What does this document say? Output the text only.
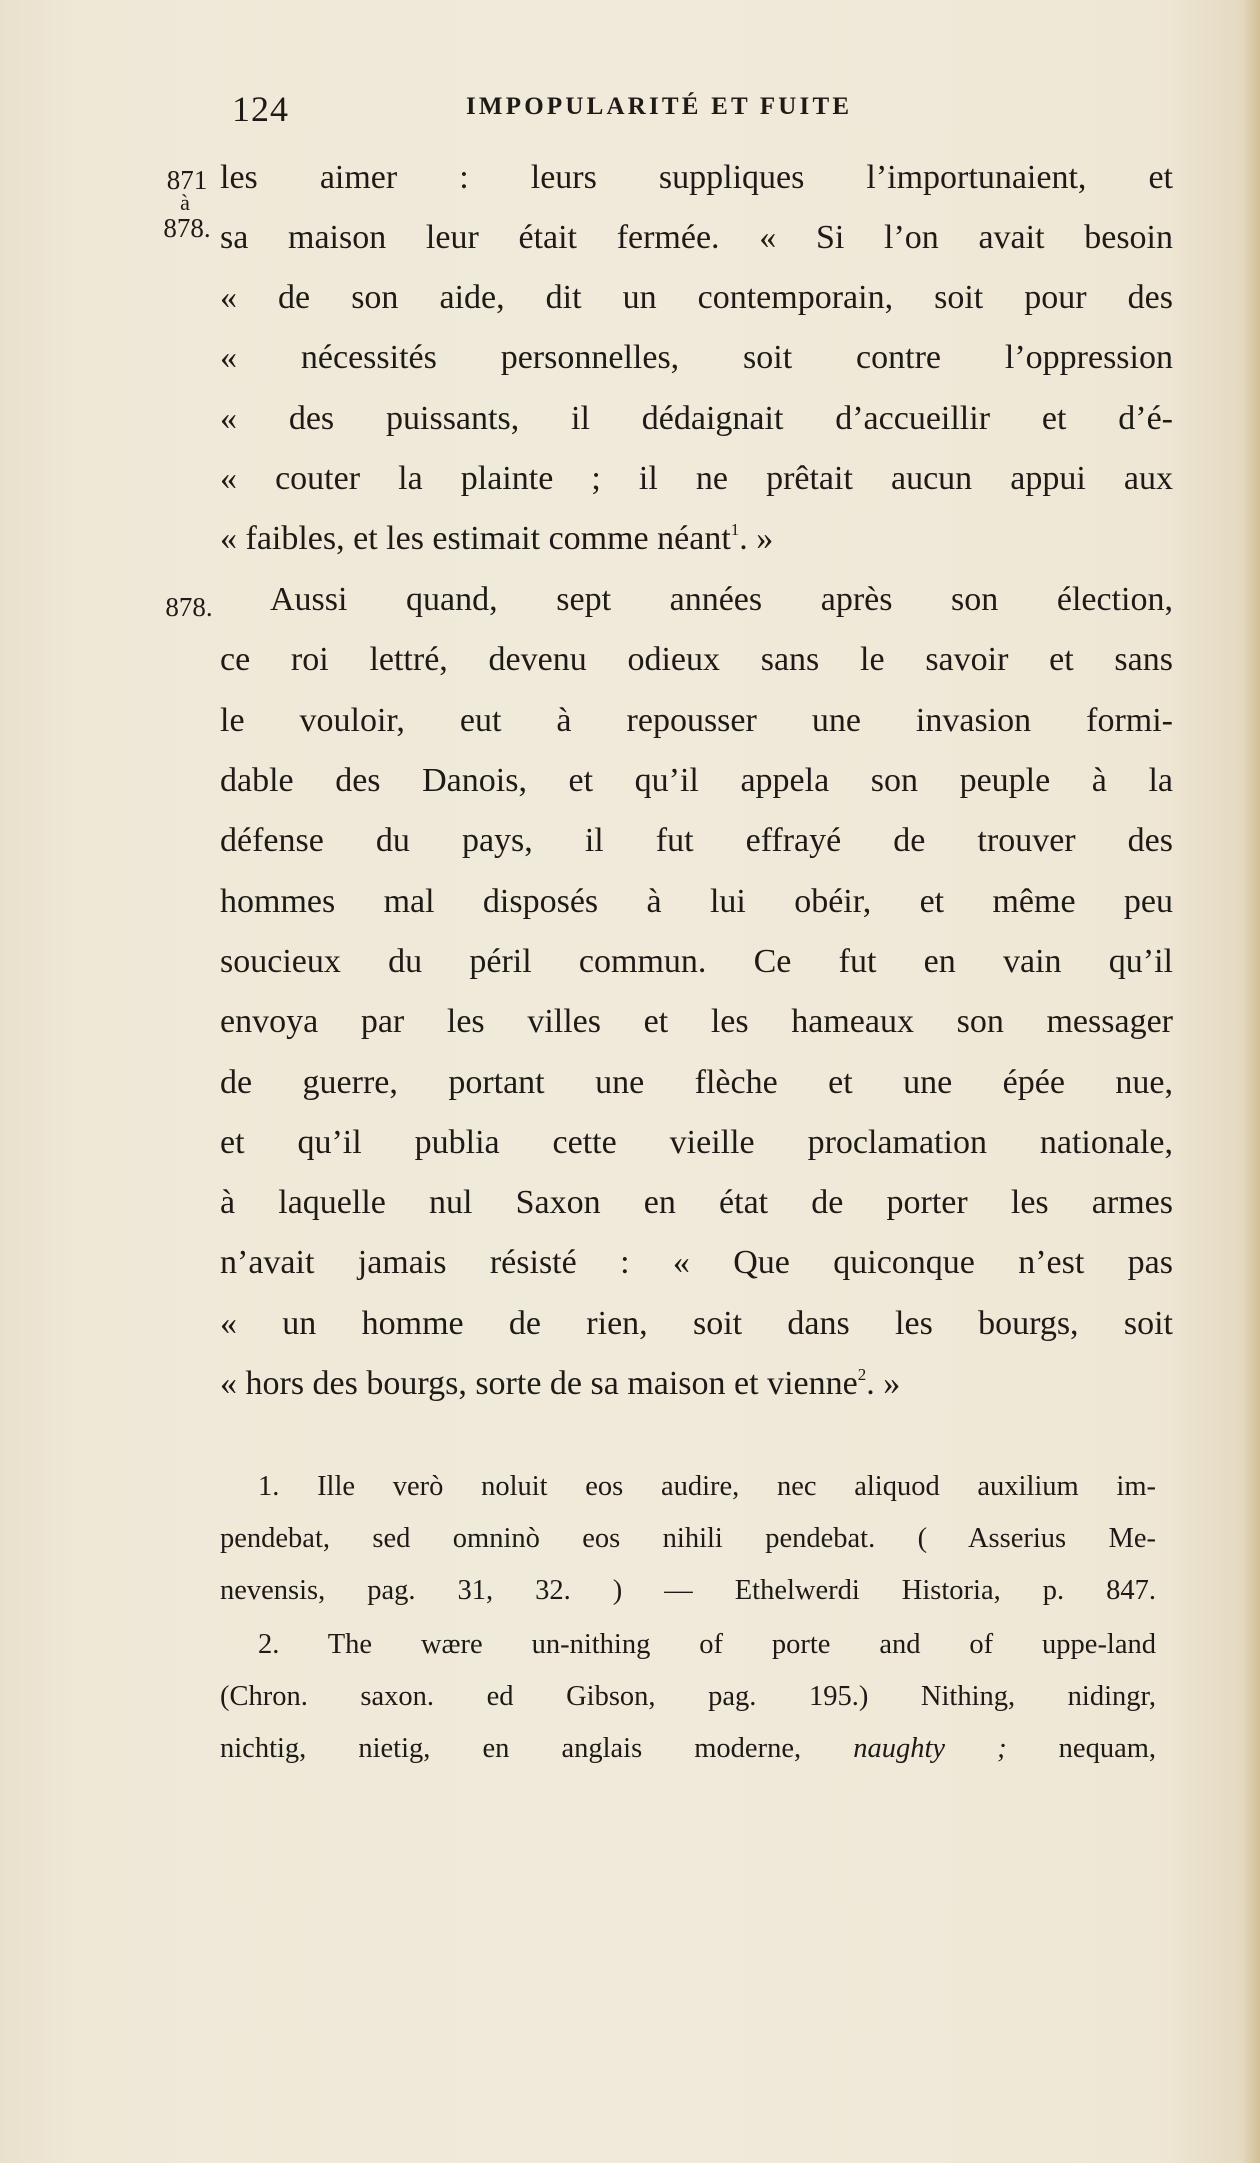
124	IMPOPULARITÉ ET FUITE
871
à
878.
878.
les aimer : leurs suppliques l’importunaient, et
sa maison leur était fermée. « Si l’on avait besoin
« de son aide, dit un contemporain, soit pour des
« nécessités personnelles, soit contre l’oppression
« des puissants, il dédaignait d’accueillir et d’é-
« couter la plainte ; il ne prêtait aucun appui aux
« faibles, et les estimait comme néant$^1$. »
Aussi quand, sept années après son élection,
ce roi lettré, devenu odieux sans le savoir et sans
le vouloir, eut à repousser une invasion formi-
dable des Danois, et qu’il appela son peuple à la
défense du pays, il fut effrayé de trouver des
hommes mal disposés à lui obéir, et même peu
soucieux du péril commun. Ce fut en vain qu’il
envoya par les villes et les hameaux son messager
de guerre, portant une flèche et une épée nue,
et qu’il publia cette vieille proclamation nationale,
à laquelle nul Saxon en état de porter les armes
n’avait jamais résisté : « Que quiconque n’est pas
« un homme de rien, soit dans les bourgs, soit
« hors des bourgs, sorte de sa maison et vienne$^2$. »
1. Ille verò noluit eos audire, nec aliquod auxilium im-
pendebat, sed omninò eos nihili pendebat. ( Asserius Me-
nevensis, pag. 31, 32. ) — Ethelwerdi Historia, p. 847.
2. The wære un-nithing of porte and of uppe-land
(Chron. saxon. ed Gibson, pag. 195.) Nithing, nidingr,
nichtig, nietig, en anglais moderne, naughty ; nequam,
